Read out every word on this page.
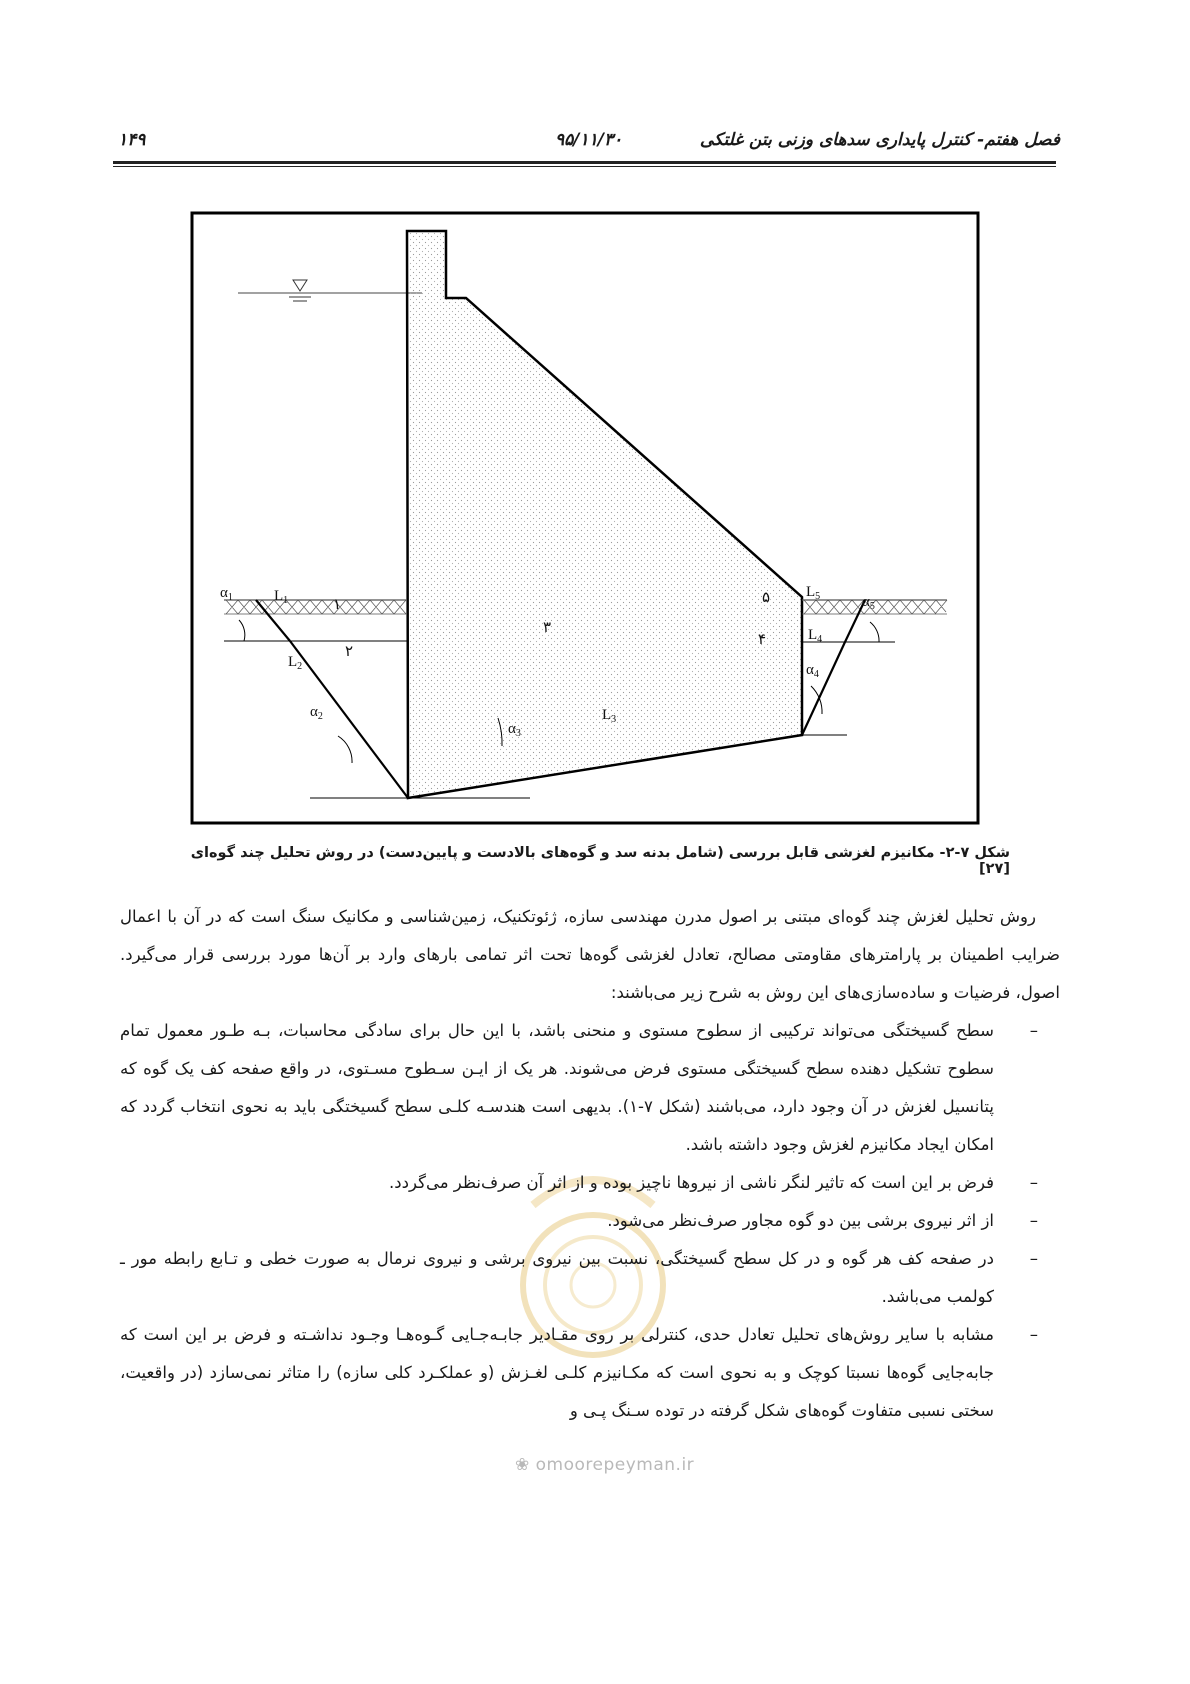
فصل هفتم- کنترل پایداری سدهای وزنی بتن غلتکی
۹۵/۱۱/۳۰
۱۴۹
۱
۲
۳
۴
۵
$L_1$
$L_2$
$L_3$
$L_4$
$L_5$
$\alpha_1$
$\alpha_2$
$\alpha_3$
$\alpha_4$
$\alpha_5$
شکل ۷-۲- مکانیزم لغزشی قابل بررسی (شامل بدنه سد و گوه‌های بالادست و پایین‌دست) در روش تحلیل چند گوه‌ای [۲۷]

روش تحلیل لغزش چند گوه‌ای مبتنی بر اصول مدرن مهندسی سازه، ژئوتکنیک، زمین‌شناسی و مکانیک سنگ است که در آن با اعمال ضرایب اطمینان بر پارامترهای مقاومتی مصالح، تعادل لغزشی گوه‌ها تحت اثر تمامی بارهای وارد بر آن‌ها مورد بررسی قرار می‌گیرد. اصول، فرضیات و ساده‌سازی‌های این روش به شرح زیر می‌باشند:

–
سطح گسیختگی می‌تواند ترکیبی از سطوح مستوی و منحنی باشد، با این حال برای سادگی محاسبات، بـه طـور معمول تمام سطوح تشکیل دهنده سطح گسیختگی مستوی فرض می‌شوند. هر یک از ایـن سـطوح مسـتوی، در واقع صفحه کف یک گوه که پتانسیل لغزش در آن وجود دارد، می‌باشند (شکل ۷-۱). بدیهی است هندسـه کلـی سطح گسیختگی باید به نحوی انتخاب گردد که امکان ایجاد مکانیزم لغزش وجود داشته باشد.

–
فرض بر این است که تاثیر لنگر ناشی از نیروها ناچیز بوده و از اثر آن صرف‌نظر می‌گردد.

–
از اثر نیروی برشی بین دو گوه مجاور صرف‌نظر می‌شود.

–
در صفحه کف هر گوه و در کل سطح گسیختگی، نسبت بین نیروی برشی و نیروی نرمال به صورت خطی و تـابع رابطه مور ـ کولمب می‌باشد.

–
مشابه با سایر روش‌های تحلیل تعادل حدی، کنترلی بر روی مقـادیر جابـه‌جـایی گـوه‌هـا وجـود نداشـته و فرض بر این است که جابه‌جایی گوه‌ها نسبتا کوچک و به نحوی است که مکـانیزم کلـی لغـزش (و عملکـرد کلی سازه) را متاثر نمی‌سازد (در واقعیت، سختی نسبی متفاوت گوه‌های شکل گرفته در توده سـنگ پـی و

❀ omoorepeyman.ir
